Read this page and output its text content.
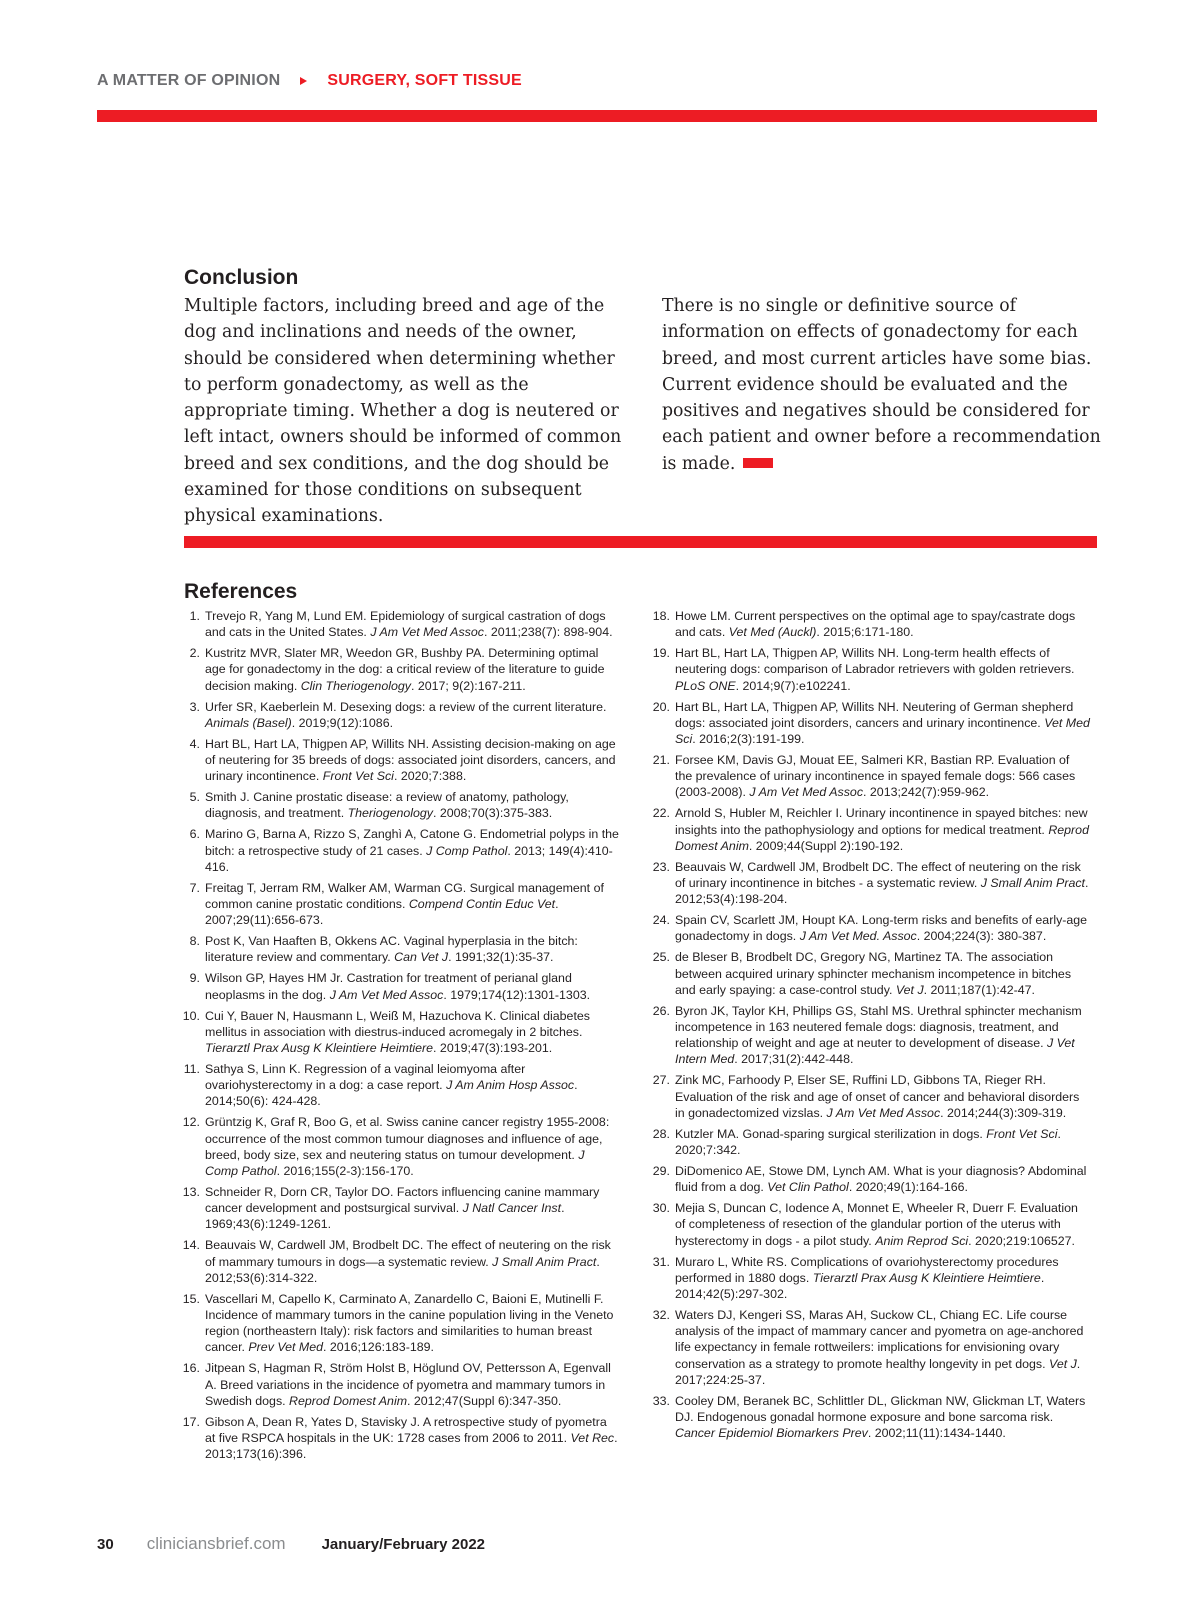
A MATTER OF OPINION	SURGERY, SOFT TISSUE
Conclusion

Multiple factors, including breed and age of the dog and inclinations and needs of the owner, should be considered when determining whether to perform gonadectomy, as well as the appropriate timing. Whether a dog is neutered or left intact, owners should be informed of common breed and sex conditions, and the dog should be examined for those conditions on subsequent physical examinations.

There is no single or definitive source of information on effects of gonadectomy for each breed, and most current articles have some bias. Current evidence should be evaluated and the positives and negatives should be considered for each patient and owner before a recommendation is made.

References
1. Trevejo R, Yang M, Lund EM. Epidemiology of surgical castration of dogs and cats in the United States. J Am Vet Med Assoc. 2011;238(7): 898-904.
2. Kustritz MVR, Slater MR, Weedon GR, Bushby PA. Determining optimal age for gonadectomy in the dog: a critical review of the literature to guide decision making. Clin Theriogenology. 2017; 9(2):167-211.
3. Urfer SR, Kaeberlein M. Desexing dogs: a review of the current literature. Animals (Basel). 2019;9(12):1086.
4. Hart BL, Hart LA, Thigpen AP, Willits NH. Assisting decision-making on age of neutering for 35 breeds of dogs: associated joint disorders, cancers, and urinary incontinence. Front Vet Sci. 2020;7:388.
5. Smith J. Canine prostatic disease: a review of anatomy, pathology, diagnosis, and treatment. Theriogenology. 2008;70(3):375-383.
6. Marino G, Barna A, Rizzo S, Zanghì A, Catone G. Endometrial polyps in the bitch: a retrospective study of 21 cases. J Comp Pathol. 2013; 149(4):410-416.
7. Freitag T, Jerram RM, Walker AM, Warman CG. Surgical management of common canine prostatic conditions. Compend Contin Educ Vet. 2007;29(11):656-673.
8. Post K, Van Haaften B, Okkens AC. Vaginal hyperplasia in the bitch: literature review and commentary. Can Vet J. 1991;32(1):35-37.
9. Wilson GP, Hayes HM Jr. Castration for treatment of perianal gland neoplasms in the dog. J Am Vet Med Assoc. 1979;174(12):1301-1303.
10. Cui Y, Bauer N, Hausmann L, Weiß M, Hazuchova K. Clinical diabetes mellitus in association with diestrus-induced acromegaly in 2 bitches. Tierarztl Prax Ausg K Kleintiere Heimtiere. 2019;47(3):193-201.
11. Sathya S, Linn K. Regression of a vaginal leiomyoma after ovariohysterectomy in a dog: a case report. J Am Anim Hosp Assoc. 2014;50(6): 424-428.
12. Grüntzig K, Graf R, Boo G, et al. Swiss canine cancer registry 1955-2008: occurrence of the most common tumour diagnoses and influence of age, breed, body size, sex and neutering status on tumour development. J Comp Pathol. 2016;155(2-3):156-170.
13. Schneider R, Dorn CR, Taylor DO. Factors influencing canine mammary cancer development and postsurgical survival. J Natl Cancer Inst. 1969;43(6):1249-1261.
14. Beauvais W, Cardwell JM, Brodbelt DC. The effect of neutering on the risk of mammary tumours in dogs—a systematic review. J Small Anim Pract. 2012;53(6):314-322.
15. Vascellari M, Capello K, Carminato A, Zanardello C, Baioni E, Mutinelli F. Incidence of mammary tumors in the canine population living in the Veneto region (northeastern Italy): risk factors and similarities to human breast cancer. Prev Vet Med. 2016;126:183-189.
16. Jitpean S, Hagman R, Ström Holst B, Höglund OV, Pettersson A, Egenvall A. Breed variations in the incidence of pyometra and mammary tumors in Swedish dogs. Reprod Domest Anim. 2012;47(Suppl 6):347-350.
17. Gibson A, Dean R, Yates D, Stavisky J. A retrospective study of pyometra at five RSPCA hospitals in the UK: 1728 cases from 2006 to 2011. Vet Rec. 2013;173(16):396.
18. Howe LM. Current perspectives on the optimal age to spay/castrate dogs and cats. Vet Med (Auckl). 2015;6:171-180.
19. Hart BL, Hart LA, Thigpen AP, Willits NH. Long-term health effects of neutering dogs: comparison of Labrador retrievers with golden retrievers. PLoS ONE. 2014;9(7):e102241.
20. Hart BL, Hart LA, Thigpen AP, Willits NH. Neutering of German shepherd dogs: associated joint disorders, cancers and urinary incontinence. Vet Med Sci. 2016;2(3):191-199.
21. Forsee KM, Davis GJ, Mouat EE, Salmeri KR, Bastian RP. Evaluation of the prevalence of urinary incontinence in spayed female dogs: 566 cases (2003-2008). J Am Vet Med Assoc. 2013;242(7):959-962.
22. Arnold S, Hubler M, Reichler I. Urinary incontinence in spayed bitches: new insights into the pathophysiology and options for medical treatment. Reprod Domest Anim. 2009;44(Suppl 2):190-192.
23. Beauvais W, Cardwell JM, Brodbelt DC. The effect of neutering on the risk of urinary incontinence in bitches - a systematic review. J Small Anim Pract. 2012;53(4):198-204.
24. Spain CV, Scarlett JM, Houpt KA. Long-term risks and benefits of early-age gonadectomy in dogs. J Am Vet Med. Assoc. 2004;224(3): 380-387.
25. de Bleser B, Brodbelt DC, Gregory NG, Martinez TA. The association between acquired urinary sphincter mechanism incompetence in bitches and early spaying: a case-control study. Vet J. 2011;187(1):42-47.
26. Byron JK, Taylor KH, Phillips GS, Stahl MS. Urethral sphincter mechanism incompetence in 163 neutered female dogs: diagnosis, treatment, and relationship of weight and age at neuter to development of disease. J Vet Intern Med. 2017;31(2):442-448.
27. Zink MC, Farhoody P, Elser SE, Ruffini LD, Gibbons TA, Rieger RH. Evaluation of the risk and age of onset of cancer and behavioral disorders in gonadectomized vizslas. J Am Vet Med Assoc. 2014;244(3):309-319.
28. Kutzler MA. Gonad-sparing surgical sterilization in dogs. Front Vet Sci. 2020;7:342.
29. DiDomenico AE, Stowe DM, Lynch AM. What is your diagnosis? Abdominal fluid from a dog. Vet Clin Pathol. 2020;49(1):164-166.
30. Mejia S, Duncan C, Iodence A, Monnet E, Wheeler R, Duerr F. Evaluation of completeness of resection of the glandular portion of the uterus with hysterectomy in dogs - a pilot study. Anim Reprod Sci. 2020;219:106527.
31. Muraro L, White RS. Complications of ovariohysterectomy procedures performed in 1880 dogs. Tierarztl Prax Ausg K Kleintiere Heimtiere. 2014;42(5):297-302.
32. Waters DJ, Kengeri SS, Maras AH, Suckow CL, Chiang EC. Life course analysis of the impact of mammary cancer and pyometra on age-anchored life expectancy in female rottweilers: implications for envisioning ovary conservation as a strategy to promote healthy longevity in pet dogs. Vet J. 2017;224:25-37.
33. Cooley DM, Beranek BC, Schlittler DL, Glickman NW, Glickman LT, Waters DJ. Endogenous gonadal hormone exposure and bone sarcoma risk. Cancer Epidemiol Biomarkers Prev. 2002;11(11):1434-1440.
30 cliniciansbrief.com January/February 2022
